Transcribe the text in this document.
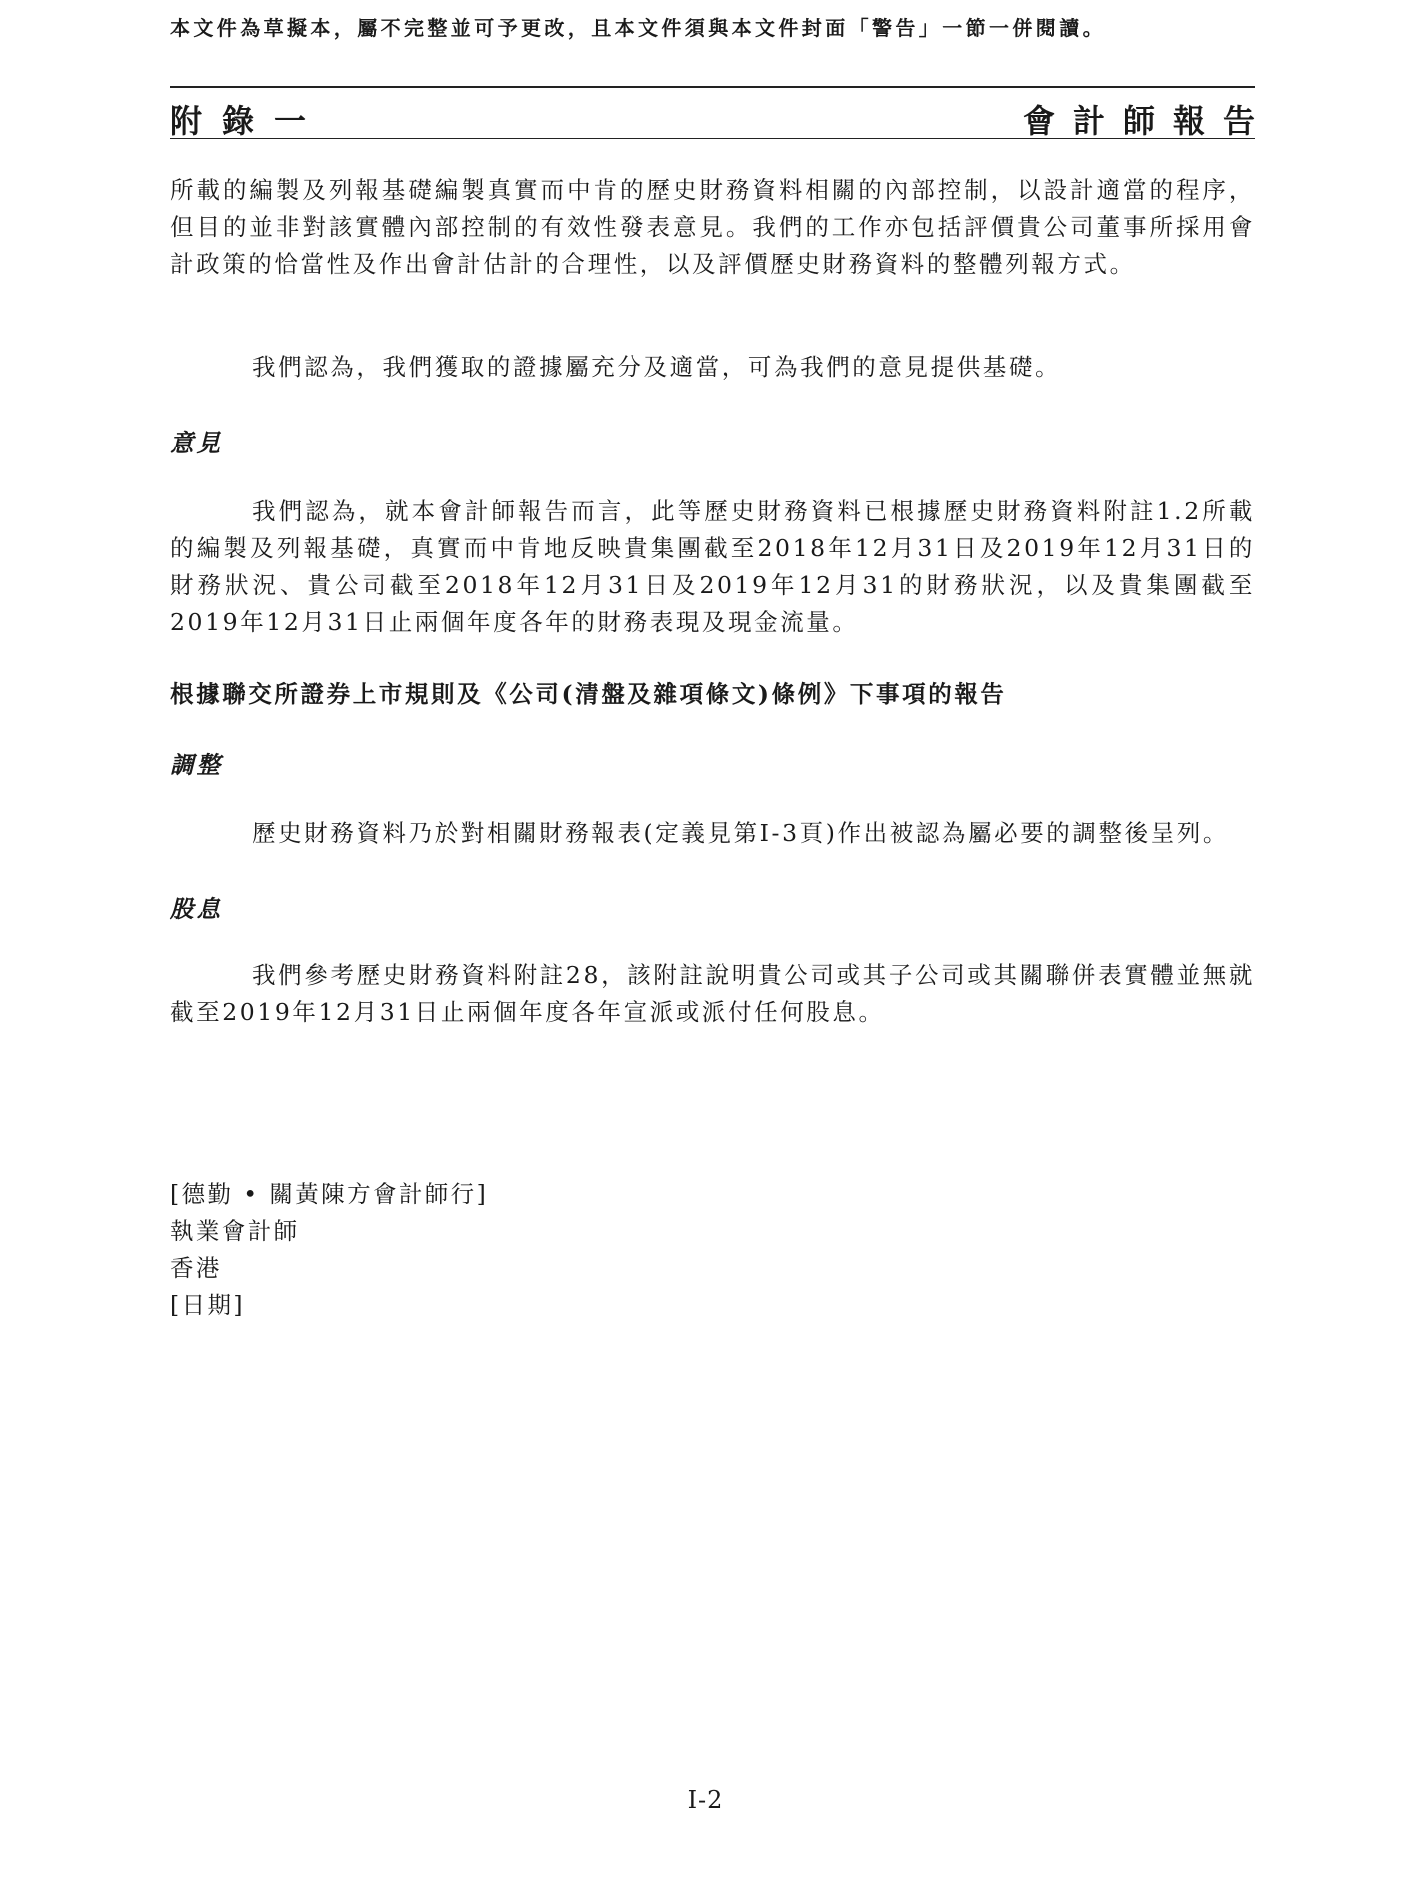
本文件為草擬本，屬不完整並可予更改，且本文件須與本文件封面「警告」一節一併閱讀。
附錄一	會計師報告

所載的編製及列報基礎編製真實而中肯的歷史財務資料相關的內部控制，以設計適當的程序，但目的並非對該實體內部控制的有效性發表意見。我們的工作亦包括評價貴公司董事所採用會計政策的恰當性及作出會計估計的合理性，以及評價歷史財務資料的整體列報方式。

我們認為，我們獲取的證據屬充分及適當，可為我們的意見提供基礎。

意見

我們認為，就本會計師報告而言，此等歷史財務資料已根據歷史財務資料附註1.2所載的編製及列報基礎，真實而中肯地反映貴集團截至2018年12月31日及2019年12月31日的財務狀況、貴公司截至2018年12月31日及2019年12月31的財務狀況，以及貴集團截至2019年12月31日止兩個年度各年的財務表現及現金流量。

根據聯交所證券上市規則及《公司(清盤及雜項條文)條例》下事項的報告
調整

歷史財務資料乃於對相關財務報表(定義見第I-3頁)作出被認為屬必要的調整後呈列。

股息

我們參考歷史財務資料附註28，該附註說明貴公司或其子公司或其關聯併表實體並無就截至2019年12月31日止兩個年度各年宣派或派付任何股息。

[德勤 • 關黃陳方會計師行]
執業會計師
香港
[日期]
I-2
